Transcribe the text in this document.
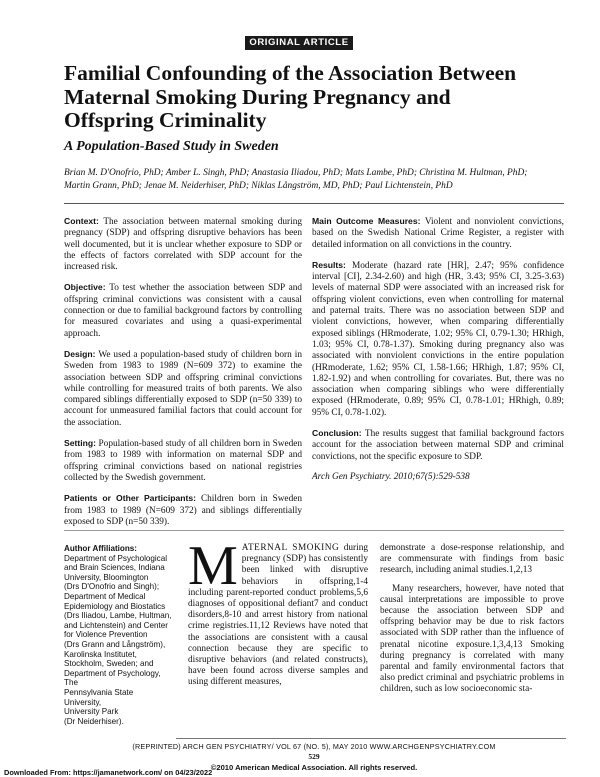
ORIGINAL ARTICLE
Familial Confounding of the Association Between Maternal Smoking During Pregnancy and Offspring Criminality
A Population-Based Study in Sweden
Brian M. D'Onofrio, PhD; Amber L. Singh, PhD; Anastasia Iliadou, PhD; Mats Lambe, PhD; Christina M. Hultman, PhD; Martin Grann, PhD; Jenae M. Neiderhiser, PhD; Niklas Långström, MD, PhD; Paul Lichtenstein, PhD

Context: The association between maternal smoking during pregnancy (SDP) and offspring disruptive behaviors has been well documented, but it is unclear whether exposure to SDP or the effects of factors correlated with SDP account for the increased risk.

Objective: To test whether the association between SDP and offspring criminal convictions was consistent with a causal connection or due to familial background factors by controlling for measured covariates and using a quasi-experimental approach.

Design: We used a population-based study of children born in Sweden from 1983 to 1989 (N=609 372) to examine the association between SDP and offspring criminal convictions while controlling for measured traits of both parents. We also compared siblings differentially exposed to SDP (n=50 339) to account for unmeasured familial factors that could account for the association.

Setting: Population-based study of all children born in Sweden from 1983 to 1989 with information on maternal SDP and offspring criminal convictions based on national registries collected by the Swedish government.

Patients or Other Participants: Children born in Sweden from 1983 to 1989 (N=609 372) and siblings differentially exposed to SDP (n=50 339).

Main Outcome Measures: Violent and nonviolent convictions, based on the Swedish National Crime Register, a register with detailed information on all convictions in the country.

Results: Moderate (hazard rate [HR], 2.47; 95% confidence interval [CI], 2.34-2.60) and high (HR, 3.43; 95% CI, 3.25-3.63) levels of maternal SDP were associated with an increased risk for offspring violent convictions, even when controlling for maternal and paternal traits. There was no association between SDP and violent convictions, however, when comparing differentially exposed siblings (HRmoderate, 1.02; 95% CI, 0.79-1.30; HRhigh, 1.03; 95% CI, 0.78-1.37). Smoking during pregnancy also was associated with nonviolent convictions in the entire population (HRmoderate, 1.62; 95% CI, 1.58-1.66; HRhigh, 1.87; 95% CI, 1.82-1.92) and when controlling for covariates. But, there was no association when comparing siblings who were differentially exposed (HRmoderate, 0.89; 95% CI, 0.78-1.01; HRhigh, 0.89; 95% CI, 0.78-1.02).

Conclusion: The results suggest that familial background factors account for the association between maternal SDP and criminal convictions, not the specific exposure to SDP.

Arch Gen Psychiatry. 2010;67(5):529-538

Author Affiliations:
Department of Psychological
and Brain Sciences, Indiana
University, Bloomington
(Drs D'Onofrio and Singh);
Department of Medical
Epidemiology and Biostatics
(Drs Iliadou, Lambe, Hultman,
and Lichtenstein) and Center
for Violence Prevention
(Drs Grann and Långström),
Karolinska Institutet,
Stockholm, Sweden; and
Department of Psychology, The
Pennsylvania State University,
University Park
(Dr Neiderhiser).
MATERNAL SMOKING during pregnancy (SDP) has consistently been linked with disruptive behaviors in offspring,1-4 including parent-reported conduct problems,5,6 diagnoses of oppositional defiant7 and conduct disorders,8-10 and arrest history from national crime registries.11,12 Reviews have noted that the associations are consistent with a causal connection because they are specific to disruptive behaviors (and related constructs), have been found across diverse samples and using different measures,
demonstrate a dose-response relationship, and are commensurate with findings from basic research, including animal studies.1,2,13
Many researchers, however, have noted that causal interpretations are impossible to prove because the association between SDP and offspring behavior may be due to risk factors associated with SDP rather than the influence of prenatal nicotine exposure.1,3,4,13 Smoking during pregnancy is correlated with many parental and family environmental factors that also predict criminal and psychiatric problems in children, such as low socioeconomic sta-
(REPRINTED) ARCH GEN PSYCHIATRY/ VOL 67 (NO. 5), MAY 2010 WWW.ARCHGENPSYCHIATRY.COM
529
©2010 American Medical Association. All rights reserved.
Downloaded From: https://jamanetwork.com/ on 04/23/2022
